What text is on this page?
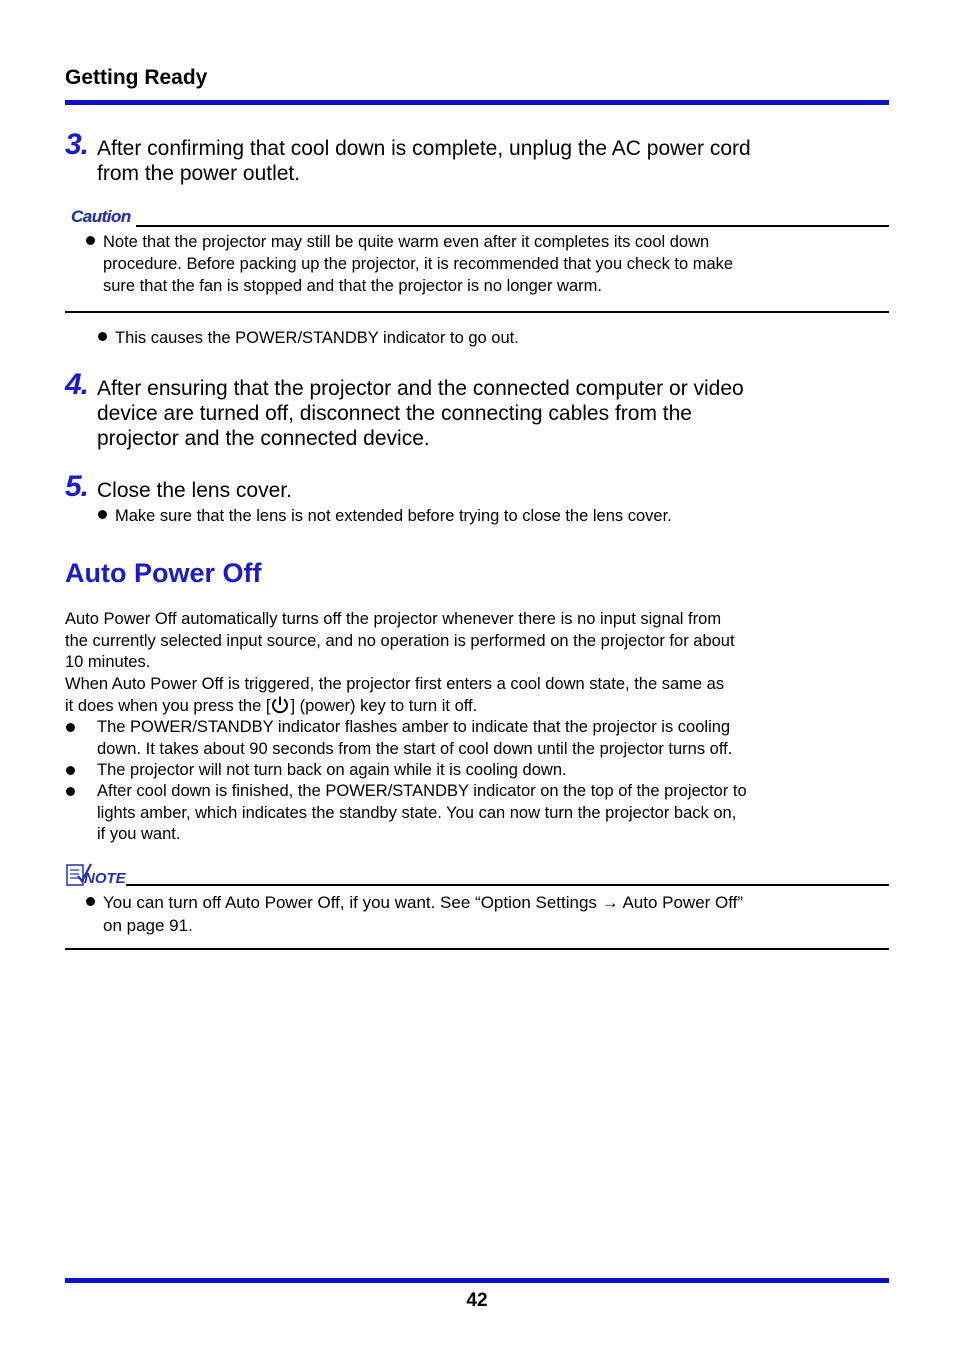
Getting Ready
3. After confirming that cool down is complete, unplug the AC power cord
from the power outlet.
Caution
Note that the projector may still be quite warm even after it completes its cool down
procedure. Before packing up the projector, it is recommended that you check to make
sure that the fan is stopped and that the projector is no longer warm.
This causes the POWER/STANDBY indicator to go out.
4. After ensuring that the projector and the connected computer or video
device are turned off, disconnect the connecting cables from the
projector and the connected device.
5. Close the lens cover.
Make sure that the lens is not extended before trying to close the lens cover.
Auto Power Off
Auto Power Off automatically turns off the projector whenever there is no input signal from
the currently selected input source, and no operation is performed on the projector for about
10 minutes.
When Auto Power Off is triggered, the projector first enters a cool down state, the same as
it does when you press the [ ] (power) key to turn it off.
The POWER/STANDBY indicator flashes amber to indicate that the projector is cooling
down. It takes about 90 seconds from the start of cool down until the projector turns off.
The projector will not turn back on again while it is cooling down.
After cool down is finished, the POWER/STANDBY indicator on the top of the projector to
lights amber, which indicates the standby state. You can now turn the projector back on,
if you want.
NOTE
You can turn off Auto Power Off, if you want. See “Option Settings → Auto Power Off”
on page 91.
42
